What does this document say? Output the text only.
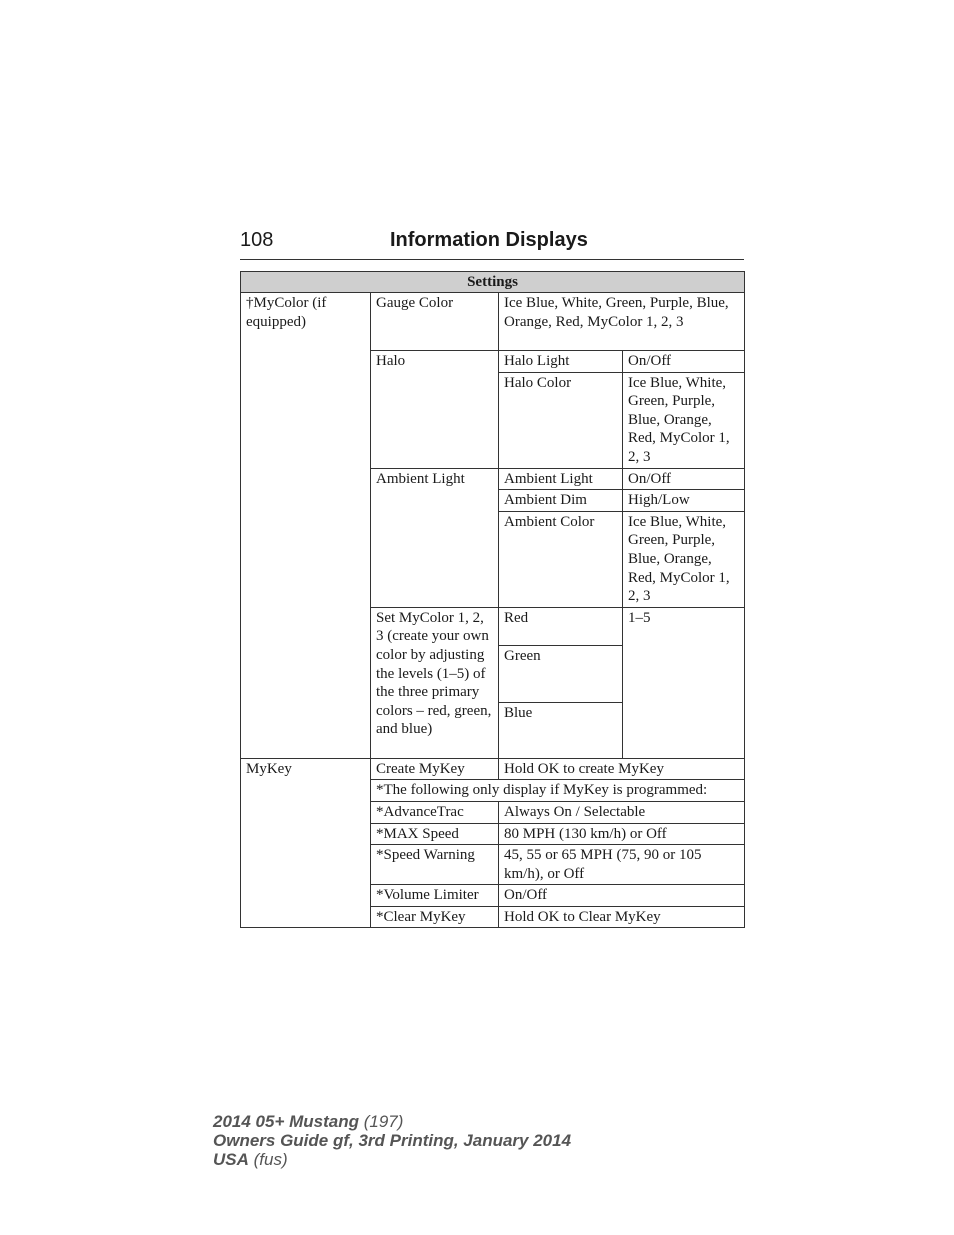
108	Information Displays
Settings			
†MyColor (if equipped)	Gauge Color	Ice Blue, White, Green, Purple, Blue, Orange, Red, MyColor 1, 2, 3	
	Halo	Halo Light	On/Off
		Halo Color	Ice Blue, White, Green, Purple, Blue, Orange, Red, MyColor 1, 2, 3
	Ambient Light	Ambient Light	On/Off
		Ambient Dim	High/Low
		Ambient Color	Ice Blue, White, Green, Purple, Blue, Orange, Red, MyColor 1, 2, 3
	Set MyColor 1, 2, 3 (create your own color by adjusting the levels (1–5) of the three primary colors – red, green, and blue)	Red	1–5
		Green	

		Blue	

MyKey	Create MyKey	Hold OK to create MyKey	
	*The following only display if MyKey is programmed:		
	*AdvanceTrac	Always On / Selectable	
	*MAX Speed	80 MPH (130 km/h) or Off	
	*Speed Warning	45, 55 or 65 MPH (75, 90 or 105 km/h), or Off	
	*Volume Limiter	On/Off	
	*Clear MyKey	Hold OK to Clear MyKey	
2014 05+ Mustang (197)
Owners Guide gf, 3rd Printing, January 2014
USA (fus)
